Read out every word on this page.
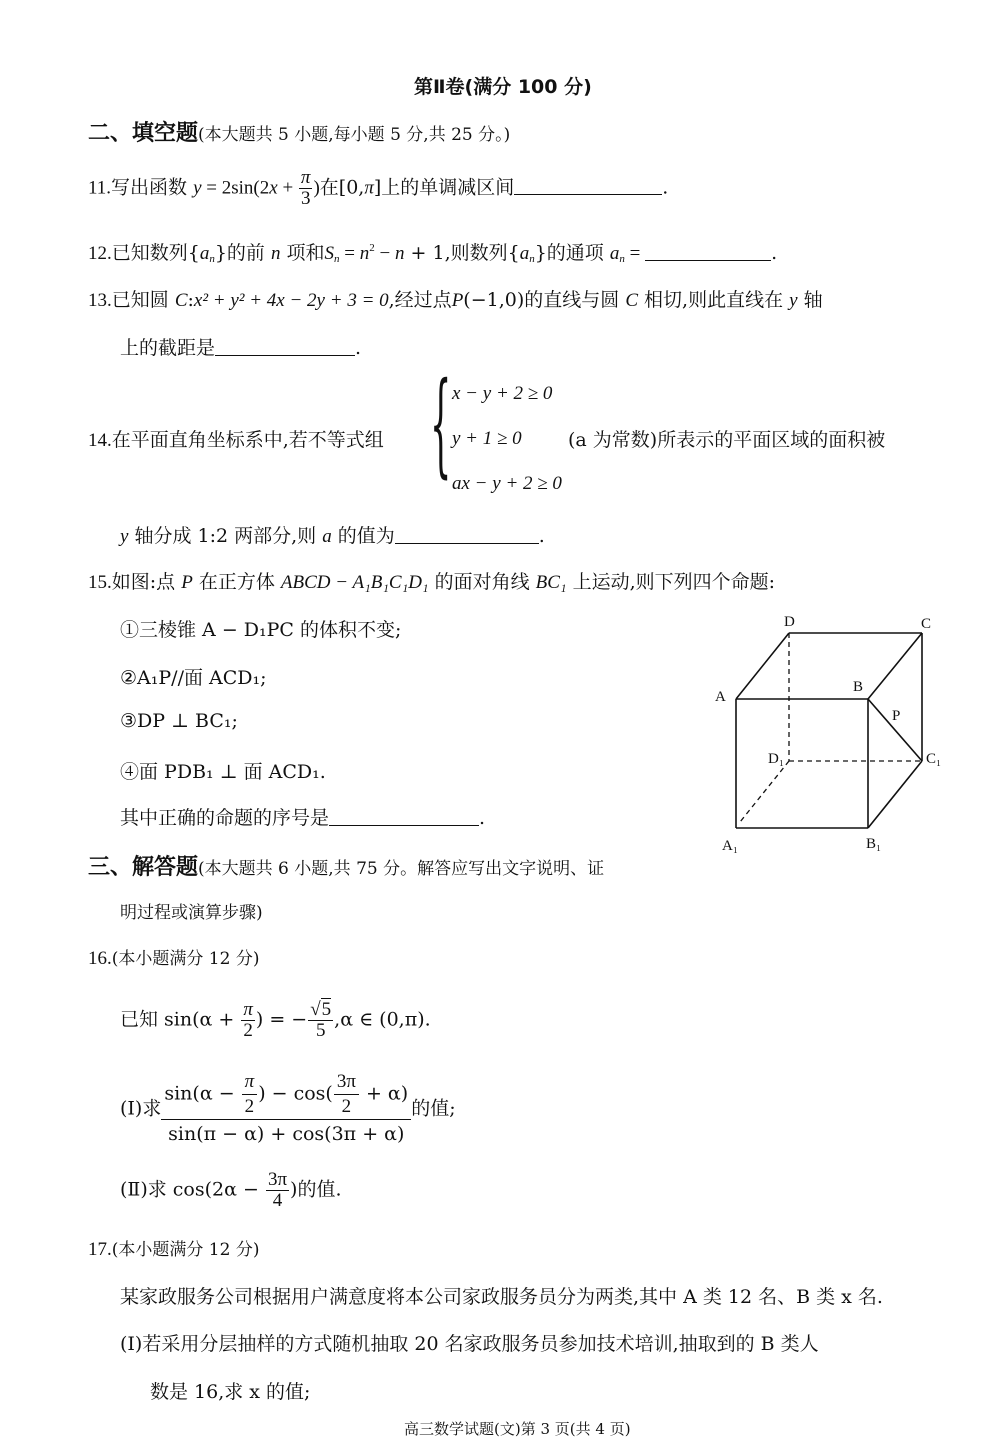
第Ⅱ卷(满分 100 分)
二、填空题(本大题共 5 小题,每小题 5 分,共 25 分。)
11.写出函数 $y = 2\sin(2x + \frac{\pi}{3}$ )在[0,π]上的单调减区间	.
12.已知数列$\{a_n\}$的前 n 项和$S_n = n^2 - n + 1$,则数列$\{a_n\}$的通项 $a_n$ =	.
13.已知圆 C:x² + y² + 4x − 2y + 3 = 0,经过点P(−1,0)的直线与圆 C 相切,则此直线在 y 轴
上的截距是	.
14.在平面直角坐标系中,若不等式组 { x − y + 2 ≥ 0
y + 1 ≥ 0
ax − y + 2 ≥ 0
(a 为常数)所表示的平面区域的面积被
y 轴分成 1:2 两部分,则 a 的值为	.
15.如图:点 P 在正方体 ABCD − A₁B₁C₁D₁ 的面对角线 BC₁ 上运动,则下列四个命题:
①三棱锥 A − D₁PC 的体积不变;
②A₁P//面 ACD₁;
③DP ⊥ BC₁;
④面 PDB₁ ⊥ 面 ACD₁.
其中正确的命题的序号是	.
D	C
A
B
P
D₁	C₁
A₁	B₁
三、解答题(本大题共 6 小题,共 75 分。解答应写出文字说明、证
明过程或演算步骤)
16.(本小题满分 12 分)
已知 $\sin(\alpha + \frac{\pi}{2}$ ) = − $\frac{√5}{5} ,\alpha$ ∈ (0,π).
(Ⅰ)求 $\frac{\sin(\alpha - \frac{\pi}{2} ) - \cos( \frac{3\pi}{2} + \alpha)}{\sin(\pi - \alpha) + \cos(3\pi + \alpha)}$ 的值;
(Ⅱ)求 $\cos(2\alpha - \frac{3\pi}{4}$ )的值.
17.(本小题满分 12 分)
某家政服务公司根据用户满意度将本公司家政服务员分为两类,其中 A 类 12 名、B 类 x 名.
(Ⅰ)若采用分层抽样的方式随机抽取 20 名家政服务员参加技术培训,抽取到的 B 类人
数是 16,求 x 的值;
高三数学试题(文)第 3 页(共 4 页)
